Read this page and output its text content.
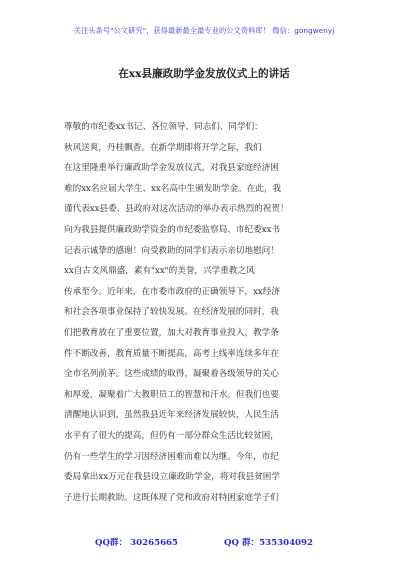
关注头条号"公文研究"，获得最新最全最专业的公文资料库！ 微信：gongwenyj
在xx县廉政助学金发放仪式上的讲话
尊敬的市纪委xx书记、各位领导、同志们、同学们：
秋风送爽，丹桂飘香。在新学期即将开学之际，我们
在这里隆重举行廉政助学金发放仪式，对我县家庭经济困
难的xx名应届大学生、xx名高中生颁发助学金。在此，我
谨代表xx县委、县政府对这次活动的举办表示热烈的祝贺！
向为我县提供廉政助学资金的市纪委监察局、市纪委xx书
记表示诚挚的感谢！向受救助的同学们表示亲切地慰问！
xx自古文风鼎盛，素有"xx"的美誉，兴学重教之风
传承至今。近年来，在市委市政府的正确领导下，xx经济
和社会各项事业保持了较快发展。在经济发展的同时，我
们把教育放在了重要位置，加大对教育事业投入，教学条
件不断改善，教育质量不断提高，高考上线率连续多年在
全市名列前茅。这些成绩的取得，凝聚着各级领导的关心
和厚爱，凝聚着广大教职员工的智慧和汗水。但我们也要
清醒地认识到，虽然我县近年来经济发展较快，人民生活
水平有了很大的提高，但仍有一部分群众生活比较贫困，
仍有一些学生的学习因经济困难而难以为继。今年，市纪
委局拿出xx万元在我县设立廉政助学金，将对我县贫困学
子进行长期救助。这既体现了党和政府对特困家庭学子们
QQ群： 30265665	QQ 群：535304092
